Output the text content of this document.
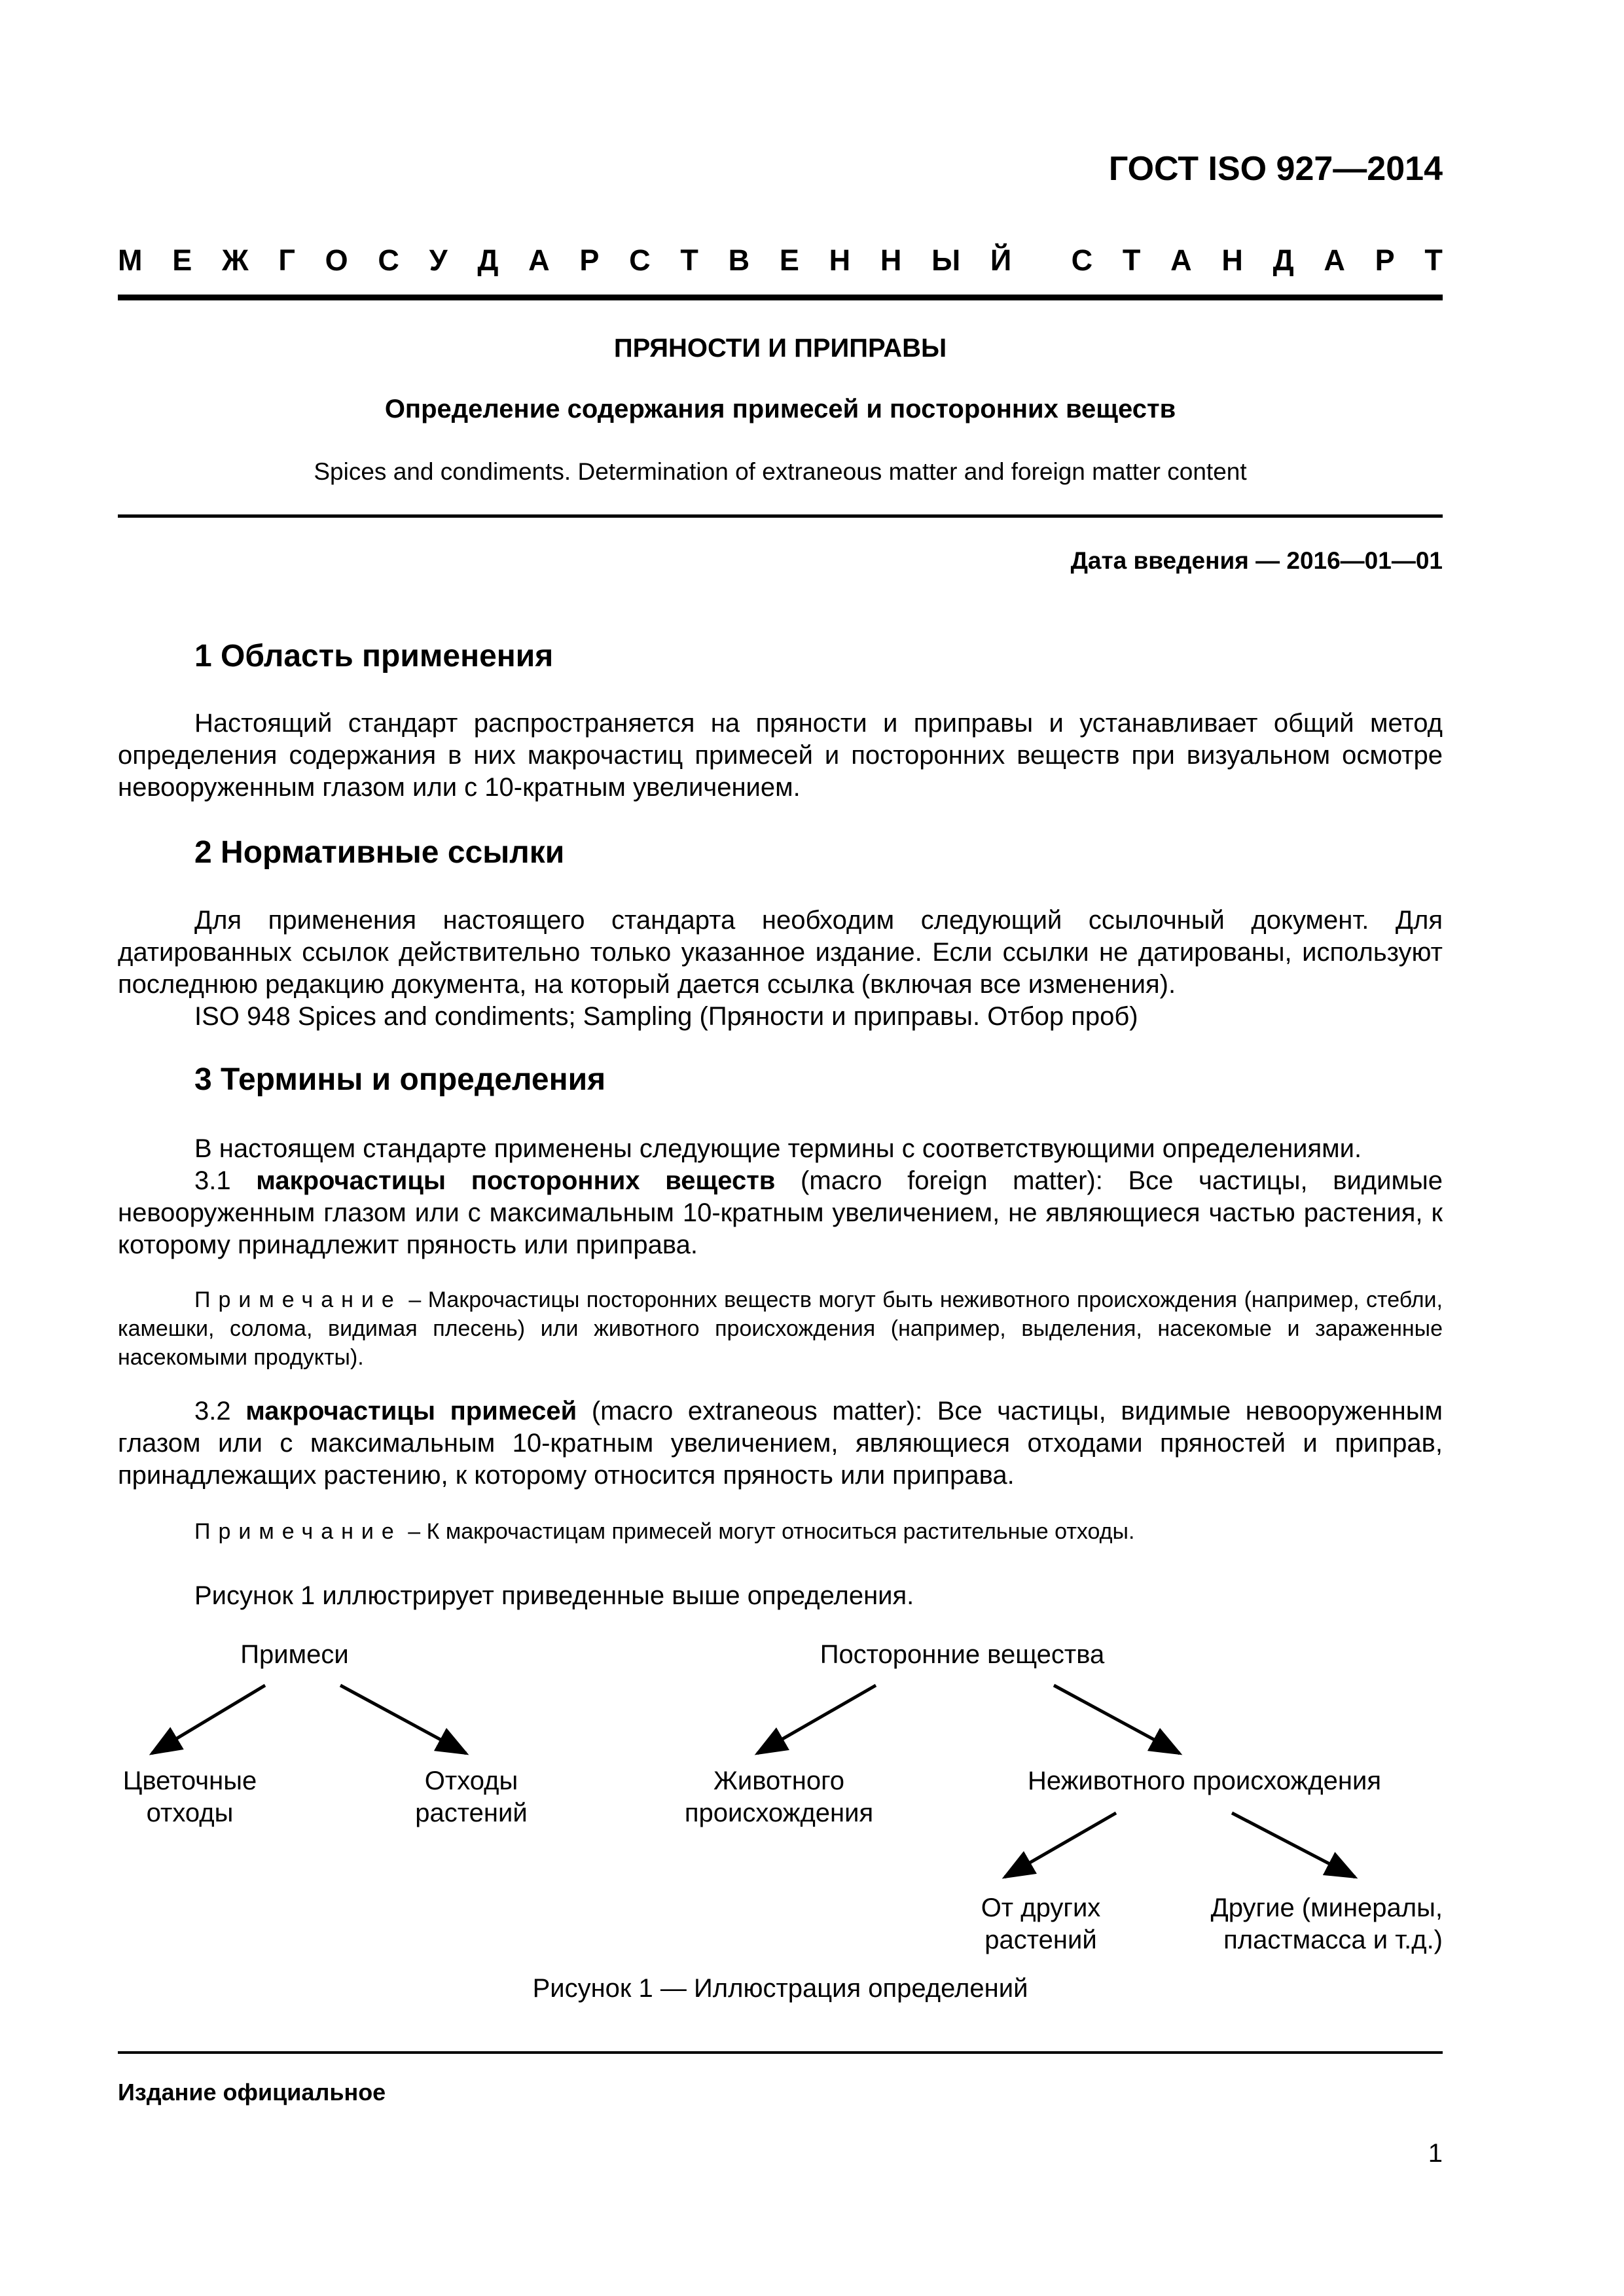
ГОСТ ISO 927—2014
М Е Ж Г О С У Д А Р С Т В Е Н Н Ы Й С Т А Н Д А Р Т
ПРЯНОСТИ И ПРИПРАВЫ
Определение содержания примесей и посторонних веществ
Spices and condiments. Determination of extraneous matter and foreign matter content
Дата введения — 2016—01—01
1 Область применения
Настоящий стандарт распространяется на пряности и приправы и устанавливает общий метод определения содержания в них макрочастиц примесей и посторонних веществ при визуальном осмотре невооруженным глазом или с 10-кратным увеличением.
2 Нормативные ссылки
Для применения настоящего стандарта необходим следующий ссылочный документ. Для датированных ссылок действительно только указанное издание. Если ссылки не датированы, используют последнюю редакцию документа, на который дается ссылка (включая все изменения).
ISO 948 Spices and condiments; Sampling (Пряности и приправы. Отбор проб)
3 Термины и определения
В настоящем стандарте применены следующие термины с соответствующими определениями.
3.1 макрочастицы посторонних веществ (macro foreign matter): Все частицы, видимые невооруженным глазом или с максимальным 10-кратным увеличением, не являющиеся частью растения, к которому принадлежит пряность или приправа.
Примечание – Макрочастицы посторонних веществ могут быть неживотного происхождения (например, стебли, камешки, солома, видимая плесень) или животного происхождения (например, выделения, насекомые и зараженные насекомыми продукты).
3.2 макрочастицы примесей (macro extraneous matter): Все частицы, видимые невооруженным глазом или с максимальным 10-кратным увеличением, являющиеся отходами пряностей и приправ, принадлежащих растению, к которому относится пряность или приправа.
Примечание – К макрочастицам примесей могут относиться растительные отходы.
Рисунок 1 иллюстрирует приведенные выше определения.
Примеси	Посторонние вещества
Цветочные
отходы
Отходы
растений
Животного
происхождения
Неживотного происхождения
От других
растений
Другие (минералы,
пластмасса и т.д.)
Рисунок 1 — Иллюстрация определений
Издание официальное
1
